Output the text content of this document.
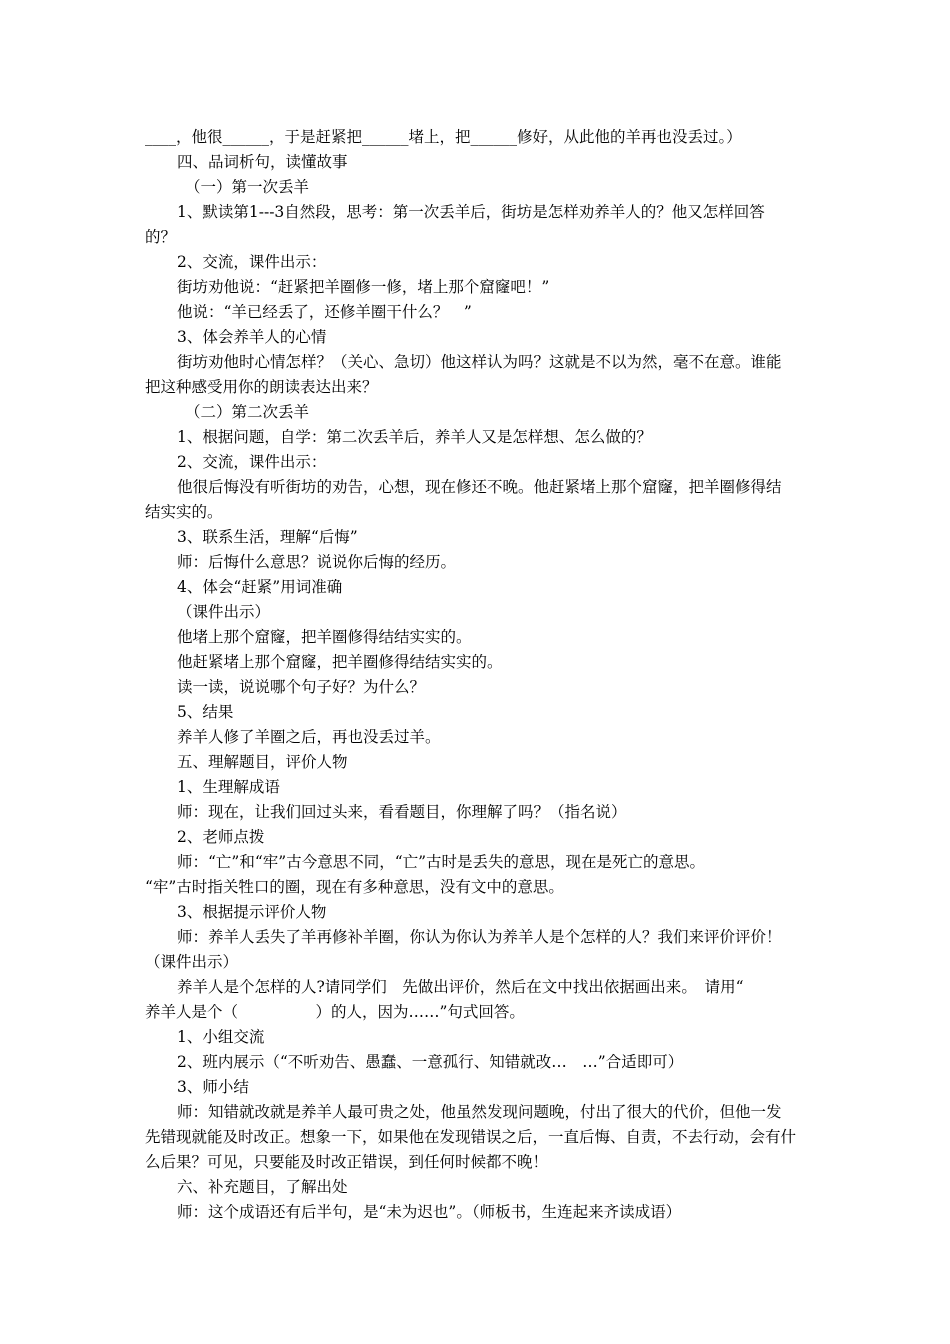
____，他很______，于是赶紧把______堵上，把______修好，从此他的羊再也没丢过。）
四、品词析句，读懂故事
（一）第一次丢羊
1、默读第1---3自然段，思考：第一次丢羊后，街坊是怎样劝养羊人的？他又怎样回答
的？
2、交流，课件出示：
街坊劝他说：“赶紧把羊圈修一修，堵上那个窟窿吧！”
他说：“羊已经丢了，还修羊圈干什么？　”
3、体会养羊人的心情
街坊劝他时心情怎样？（关心、急切）他这样认为吗？这就是不以为然，毫不在意。谁能
把这种感受用你的朗读表达出来？
（二）第二次丢羊
1、根据问题，自学：第二次丢羊后，养羊人又是怎样想、怎么做的？
2、交流，课件出示：
他很后悔没有听街坊的劝告，心想，现在修还不晚。他赶紧堵上那个窟窿，把羊圈修得结
结实实的。
3、联系生活，理解“后悔”
师：后悔什么意思？说说你后悔的经历。
4、体会“赶紧”用词准确
（课件出示）
他堵上那个窟窿，把羊圈修得结结实实的。
他赶紧堵上那个窟窿，把羊圈修得结结实实的。
读一读，说说哪个句子好？为什么？
5、结果
养羊人修了羊圈之后，再也没丢过羊。
五、理解题目，评价人物
1、生理解成语
师：现在，让我们回过头来，看看题目，你理解了吗？（指名说）
2、老师点拨
师：“亡”和“牢”古今意思不同，“亡”古时是丢失的意思，现在是死亡的意思。
“牢”古时指关牲口的圈，现在有多种意思，没有文中的意思。
3、根据提示评价人物
师：养羊人丢失了羊再修补羊圈，你认为你认为养羊人是个怎样的人？我们来评价评价！
（课件出示）
养羊人是个怎样的人?请同学们　先做出评价，然后在文中找出依据画出来。　请用“
养羊人是个（　　　　　）的人，因为……”句式回答。
1、小组交流
2、班内展示（“不听劝告、愚蠢、一意孤行、知错就改…　…”合适即可）
3、师小结
师：知错就改就是养羊人最可贵之处，他虽然发现问题晚，付出了很大的代价，但他一发
先错现就能及时改正。想象一下，如果他在发现错误之后，一直后悔、自责，不去行动，会有什
么后果？可见，只要能及时改正错误，到任何时候都不晚！
六、补充题目，了解出处
师：这个成语还有后半句，是“未为迟也”。（师板书，生连起来齐读成语）
